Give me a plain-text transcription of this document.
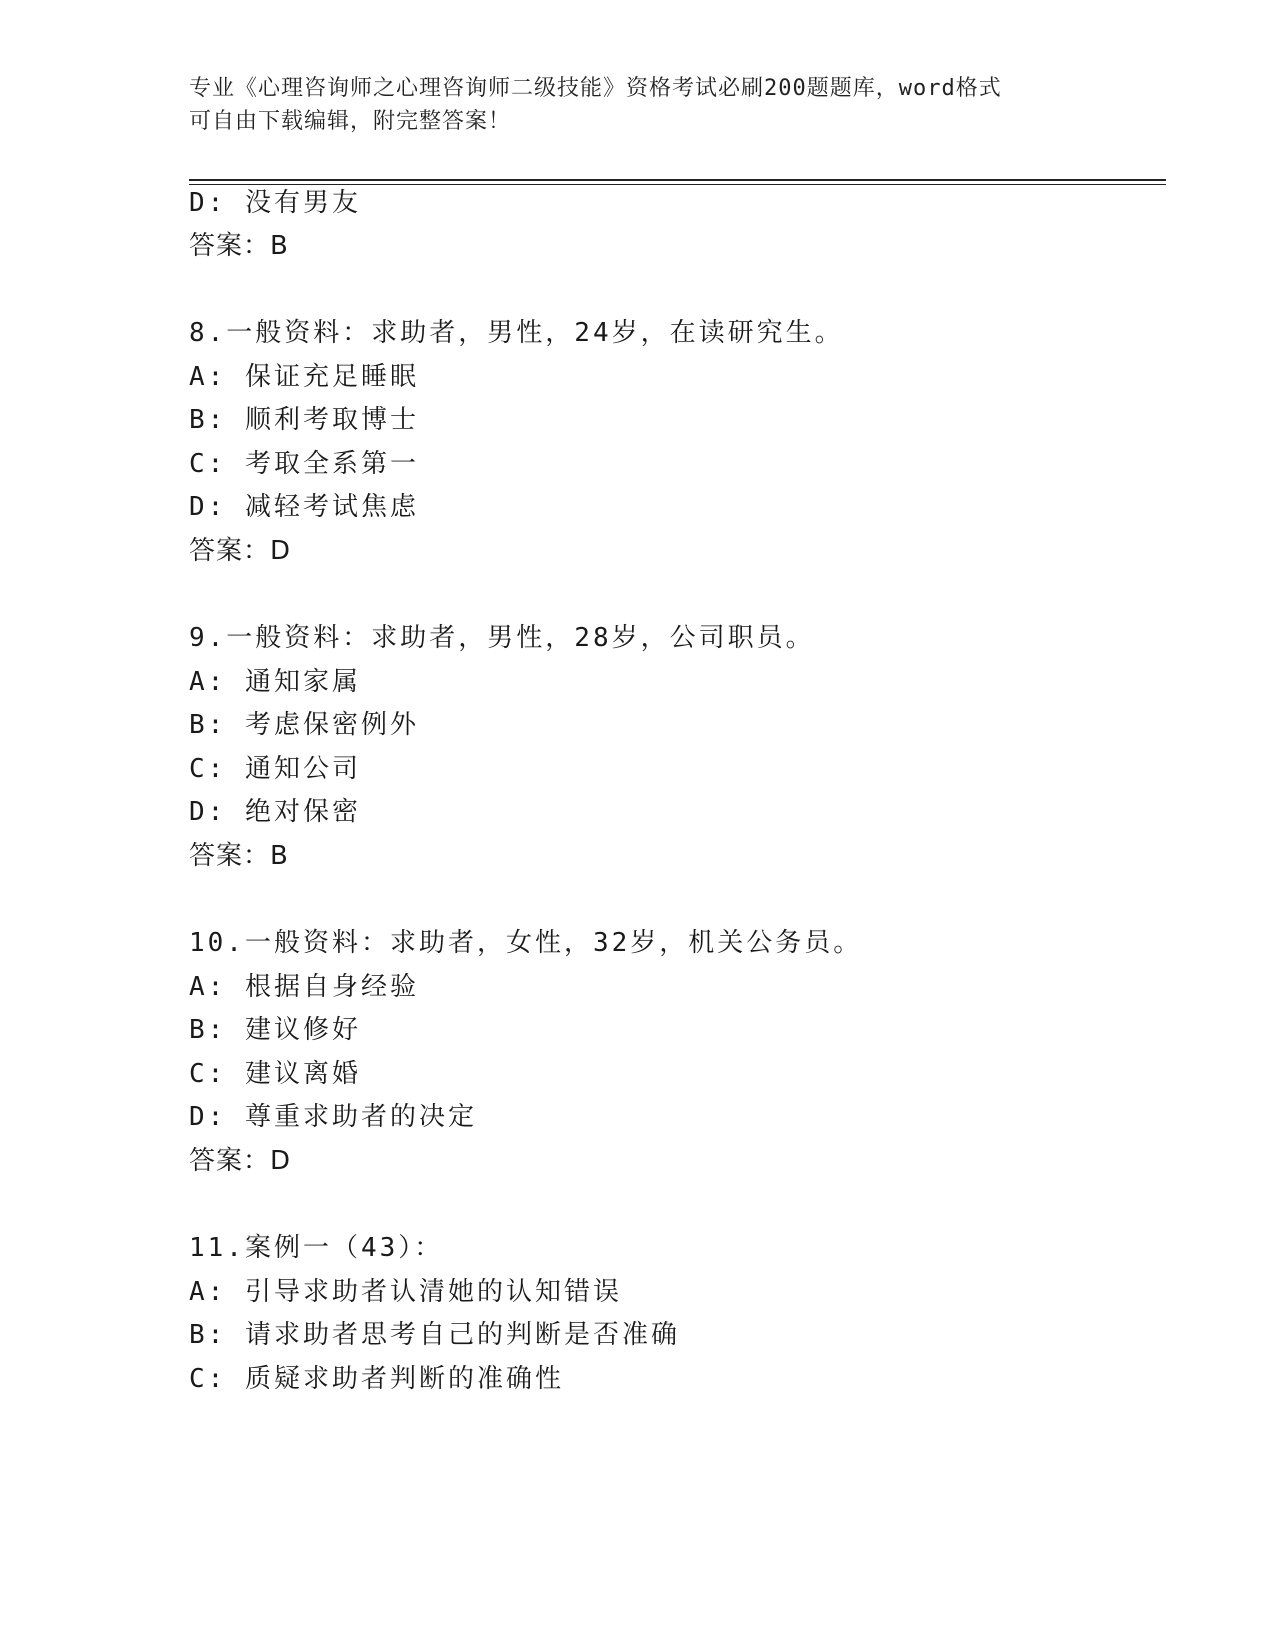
专业《心理咨询师之心理咨询师二级技能》资格考试必刷200题题库，word格式
可自由下载编辑，附完整答案！
D: 没有男友
答案：B
8.一般资料：求助者，男性，24岁，在读研究生。
A: 保证充足睡眠
B: 顺利考取博士
C: 考取全系第一
D: 减轻考试焦虑
答案：D
9.一般资料：求助者，男性，28岁，公司职员。
A: 通知家属
B: 考虑保密例外
C: 通知公司
D: 绝对保密
答案：B
10.一般资料：求助者，女性，32岁，机关公务员。
A: 根据自身经验
B: 建议修好
C: 建议离婚
D: 尊重求助者的决定
答案：D
11.案例一（43）：
A: 引导求助者认清她的认知错误
B: 请求助者思考自己的判断是否准确
C: 质疑求助者判断的准确性
